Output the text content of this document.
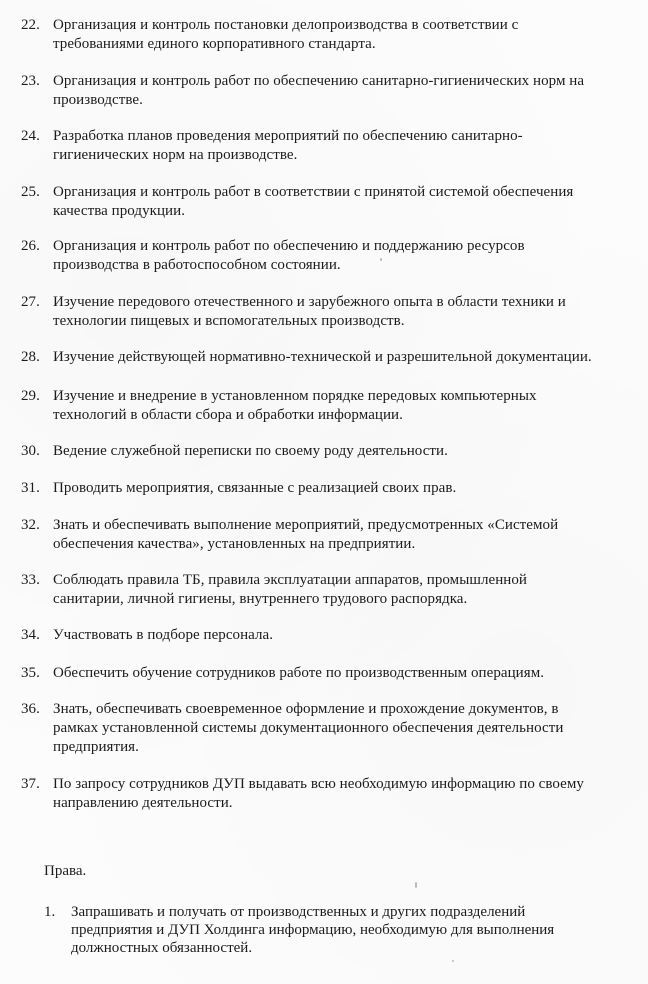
22. Организация и контроль постановки делопроизводства в соответствии с
требованиями единого корпоративного стандарта.
23. Организация и контроль работ по обеспечению санитарно-гигиенических норм на
производстве.
24. Разработка планов проведения мероприятий по обеспечению санитарно-
гигиенических норм на производстве.
25. Организация и контроль работ в соответствии с принятой системой обеспечения
качества продукции.
26. Организация и контроль работ по обеспечению и поддержанию ресурсов
производства в работоспособном состоянии.
27. Изучение передового отечественного и зарубежного опыта в области техники и
технологии пищевых и вспомогательных производств.
28. Изучение действующей нормативно-технической и разрешительной документации.
29. Изучение и внедрение в установленном порядке передовых компьютерных
технологий в области сбора и обработки информации.
30. Ведение служебной переписки по своему роду деятельности.
31. Проводить мероприятия, связанные с реализацией своих прав.
32. Знать и обеспечивать выполнение мероприятий, предусмотренных «Системой
обеспечения качества», установленных на предприятии.
33. Соблюдать правила ТБ, правила эксплуатации аппаратов, промышленной
санитарии, личной гигиены, внутреннего трудового распорядка.
34. Участвовать в подборе персонала.
35. Обеспечить обучение сотрудников работе по производственным операциям.
36. Знать, обеспечивать своевременное оформление и прохождение документов, в
рамках установленной системы документационного обеспечения деятельности
предприятия.
37. По запросу сотрудников ДУП выдавать всю необходимую информацию по своему
направлению деятельности.
Права.
1.	Запрашивать и получать от производственных и других подразделений
предприятия и ДУП Холдинга информацию, необходимую для выполнения
должностных обязанностей.
